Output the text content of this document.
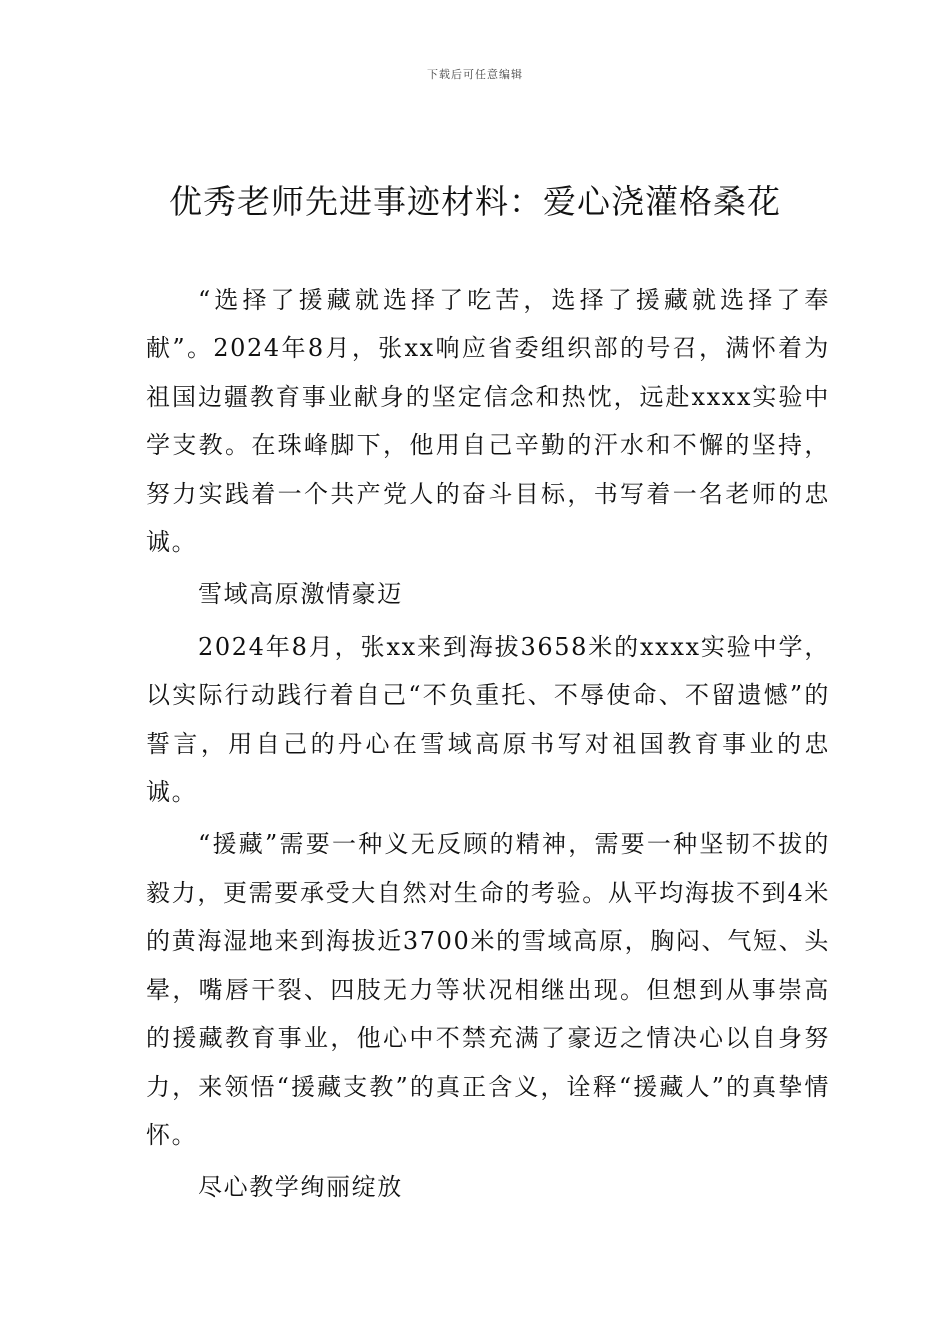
下载后可任意编辑
优秀老师先进事迹材料：爱心浇灌格桑花

“选择了援藏就选择了吃苦，选择了援藏就选择了奉献”。2024年8月，张xx响应省委组织部的号召，满怀着为祖国边疆教育事业献身的坚定信念和热忱，远赴xxxx实验中学支教。在珠峰脚下，他用自己辛勤的汗水和不懈的坚持，努力实践着一个共产党人的奋斗目标，书写着一名老师的忠诚。

雪域高原激情豪迈

2024年8月，张xx来到海拔3658米的xxxx实验中学，以实际行动践行着自己“不负重托、不辱使命、不留遗憾”的誓言，用自己的丹心在雪域高原书写对祖国教育事业的忠诚。

“援藏”需要一种义无反顾的精神，需要一种坚韧不拔的毅力，更需要承受大自然对生命的考验。从平均海拔不到4米的黄海湿地来到海拔近3700米的雪域高原，胸闷、气短、头晕，嘴唇干裂、四肢无力等状况相继出现。但想到从事崇高的援藏教育事业，他心中不禁充满了豪迈之情决心以自身努力，来领悟“援藏支教”的真正含义，诠释“援藏人”的真挚情怀。

尽心教学绚丽绽放
